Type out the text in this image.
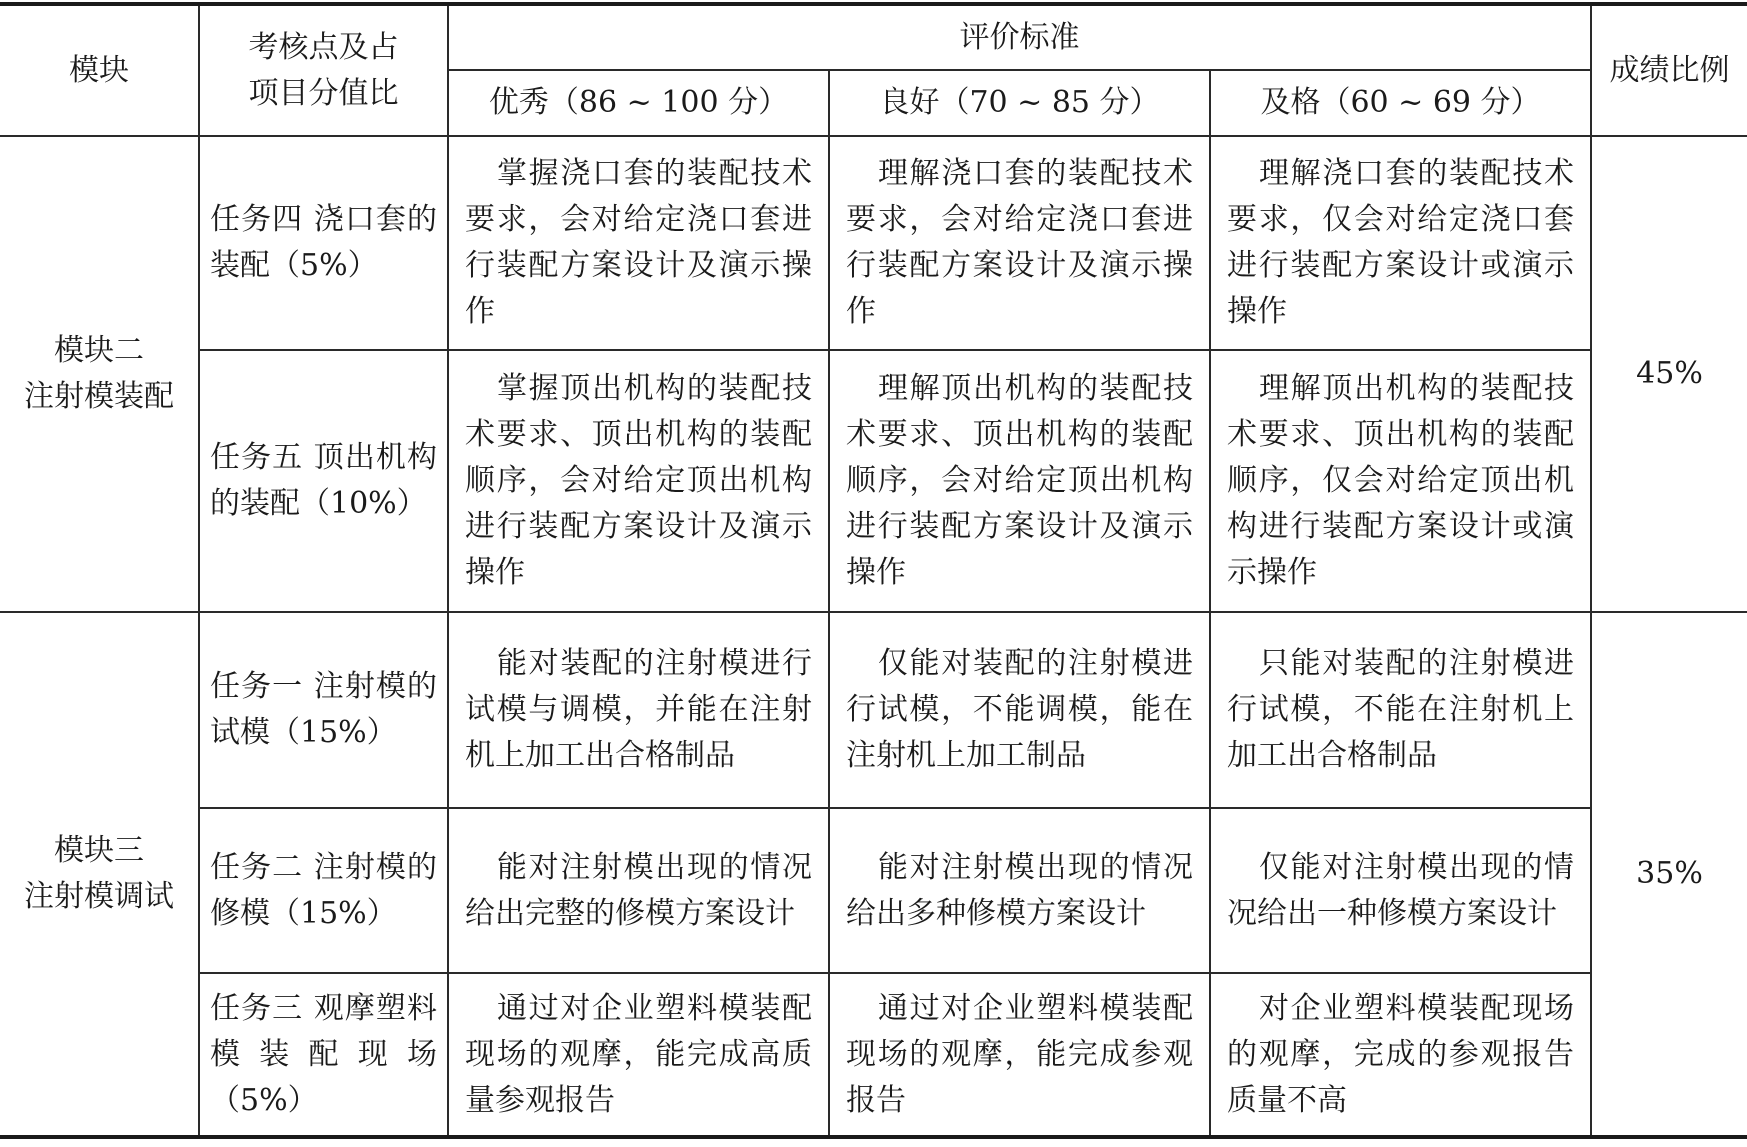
模块	考核点及占项目分值比	评价标准			成绩比例
		优秀（86 ~ 100 分）	良好（70 ~ 85 分）	及格（60 ~ 69 分）	
模块二
注射模装配	任务四 浇口套的装配（5%）	掌握浇口套的装配技术要求，会对给定浇口套进行装配方案设计及演示操作	理解浇口套的装配技术要求，会对给定浇口套进行装配方案设计及演示操作	理解浇口套的装配技术要求，仅会对给定浇口套进行装配方案设计或演示操作	45%
	任务五 顶出机构的装配（10%）	掌握顶出机构的装配技术要求、顶出机构的装配顺序，会对给定顶出机构进行装配方案设计及演示操作	理解顶出机构的装配技术要求、顶出机构的装配顺序，会对给定顶出机构进行装配方案设计及演示操作	理解顶出机构的装配技术要求、顶出机构的装配顺序，仅会对给定顶出机构进行装配方案设计或演示操作	
模块三
注射模调试	任务一 注射模的试模（15%）	能对装配的注射模进行试模与调模，并能在注射机上加工出合格制品	仅能对装配的注射模进行试模，不能调模，能在注射机上加工制品	只能对装配的注射模进行试模，不能在注射机上加工出合格制品	35%
	任务二 注射模的修模（15%）	能对注射模出现的情况给出完整的修模方案设计	能对注射模出现的情况给出多种修模方案设计	仅能对注射模出现的情况给出一种修模方案设计	
	任务三 观摩塑料模装配现场（5%）	通过对企业塑料模装配现场的观摩，能完成高质量参观报告	通过对企业塑料模装配现场的观摩，能完成参观报告	对企业塑料模装配现场的观摩，完成的参观报告质量不高	
